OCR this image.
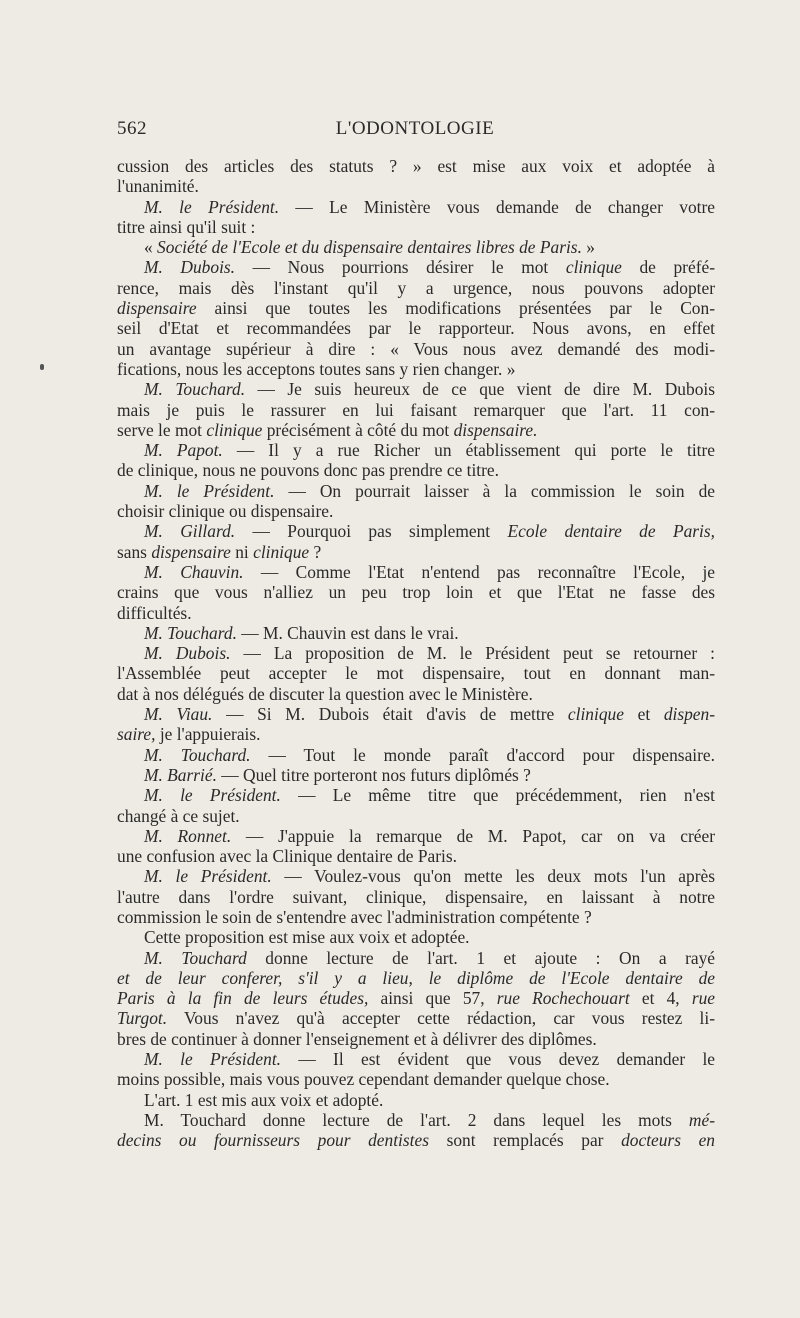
562	L'ODONTOLOGIE
cussion des articles des statuts ? » est mise aux voix et adoptée à
l'unanimité.
M. le Président. — Le Ministère vous demande de changer votre
titre ainsi qu'il suit :
« Société de l'Ecole et du dispensaire dentaires libres de Paris. »
M. Dubois. — Nous pourrions désirer le mot clinique de préfé-
rence, mais dès l'instant qu'il y a urgence, nous pouvons adopter
dispensaire ainsi que toutes les modifications présentées par le Con-
seil d'Etat et recommandées par le rapporteur. Nous avons, en effet
un avantage supérieur à dire : « Vous nous avez demandé des modi-
fications, nous les acceptons toutes sans y rien changer. »
M. Touchard. — Je suis heureux de ce que vient de dire M. Dubois
mais je puis le rassurer en lui faisant remarquer que l'art. 11 con-
serve le mot clinique précisément à côté du mot dispensaire.
M. Papot. — Il y a rue Richer un établissement qui porte le titre
de clinique, nous ne pouvons donc pas prendre ce titre.
M. le Président. — On pourrait laisser à la commission le soin de
choisir clinique ou dispensaire.
M. Gillard. — Pourquoi pas simplement Ecole dentaire de Paris,
sans dispensaire ni clinique ?
M. Chauvin. — Comme l'Etat n'entend pas reconnaître l'Ecole, je
crains que vous n'alliez un peu trop loin et que l'Etat ne fasse des
difficultés.
M. Touchard. — M. Chauvin est dans le vrai.
M. Dubois. — La proposition de M. le Président peut se retourner :
l'Assemblée peut accepter le mot dispensaire, tout en donnant man-
dat à nos délégués de discuter la question avec le Ministère.
M. Viau. — Si M. Dubois était d'avis de mettre clinique et dispen-
saire, je l'appuierais.
M. Touchard. — Tout le monde paraît d'accord pour dispensaire.
M. Barrié. — Quel titre porteront nos futurs diplômés ?
M. le Président. — Le même titre que précédemment, rien n'est
changé à ce sujet.
M. Ronnet. — J'appuie la remarque de M. Papot, car on va créer
une confusion avec la Clinique dentaire de Paris.
M. le Président. — Voulez-vous qu'on mette les deux mots l'un après
l'autre dans l'ordre suivant, clinique, dispensaire, en laissant à notre
commission le soin de s'entendre avec l'administration compétente ?
Cette proposition est mise aux voix et adoptée.
M. Touchard donne lecture de l'art. 1 et ajoute : On a rayé
et de leur conferer, s'il y a lieu, le diplôme de l'Ecole dentaire de
Paris à la fin de leurs études, ainsi que 57, rue Rochechouart et 4, rue
Turgot. Vous n'avez qu'à accepter cette rédaction, car vous restez li-
bres de continuer à donner l'enseignement et à délivrer des diplômes.
M. le Président. — Il est évident que vous devez demander le
moins possible, mais vous pouvez cependant demander quelque chose.
L'art. 1 est mis aux voix et adopté.
M. Touchard donne lecture de l'art. 2 dans lequel les mots mé-
decins ou fournisseurs pour dentistes sont remplacés par docteurs en
